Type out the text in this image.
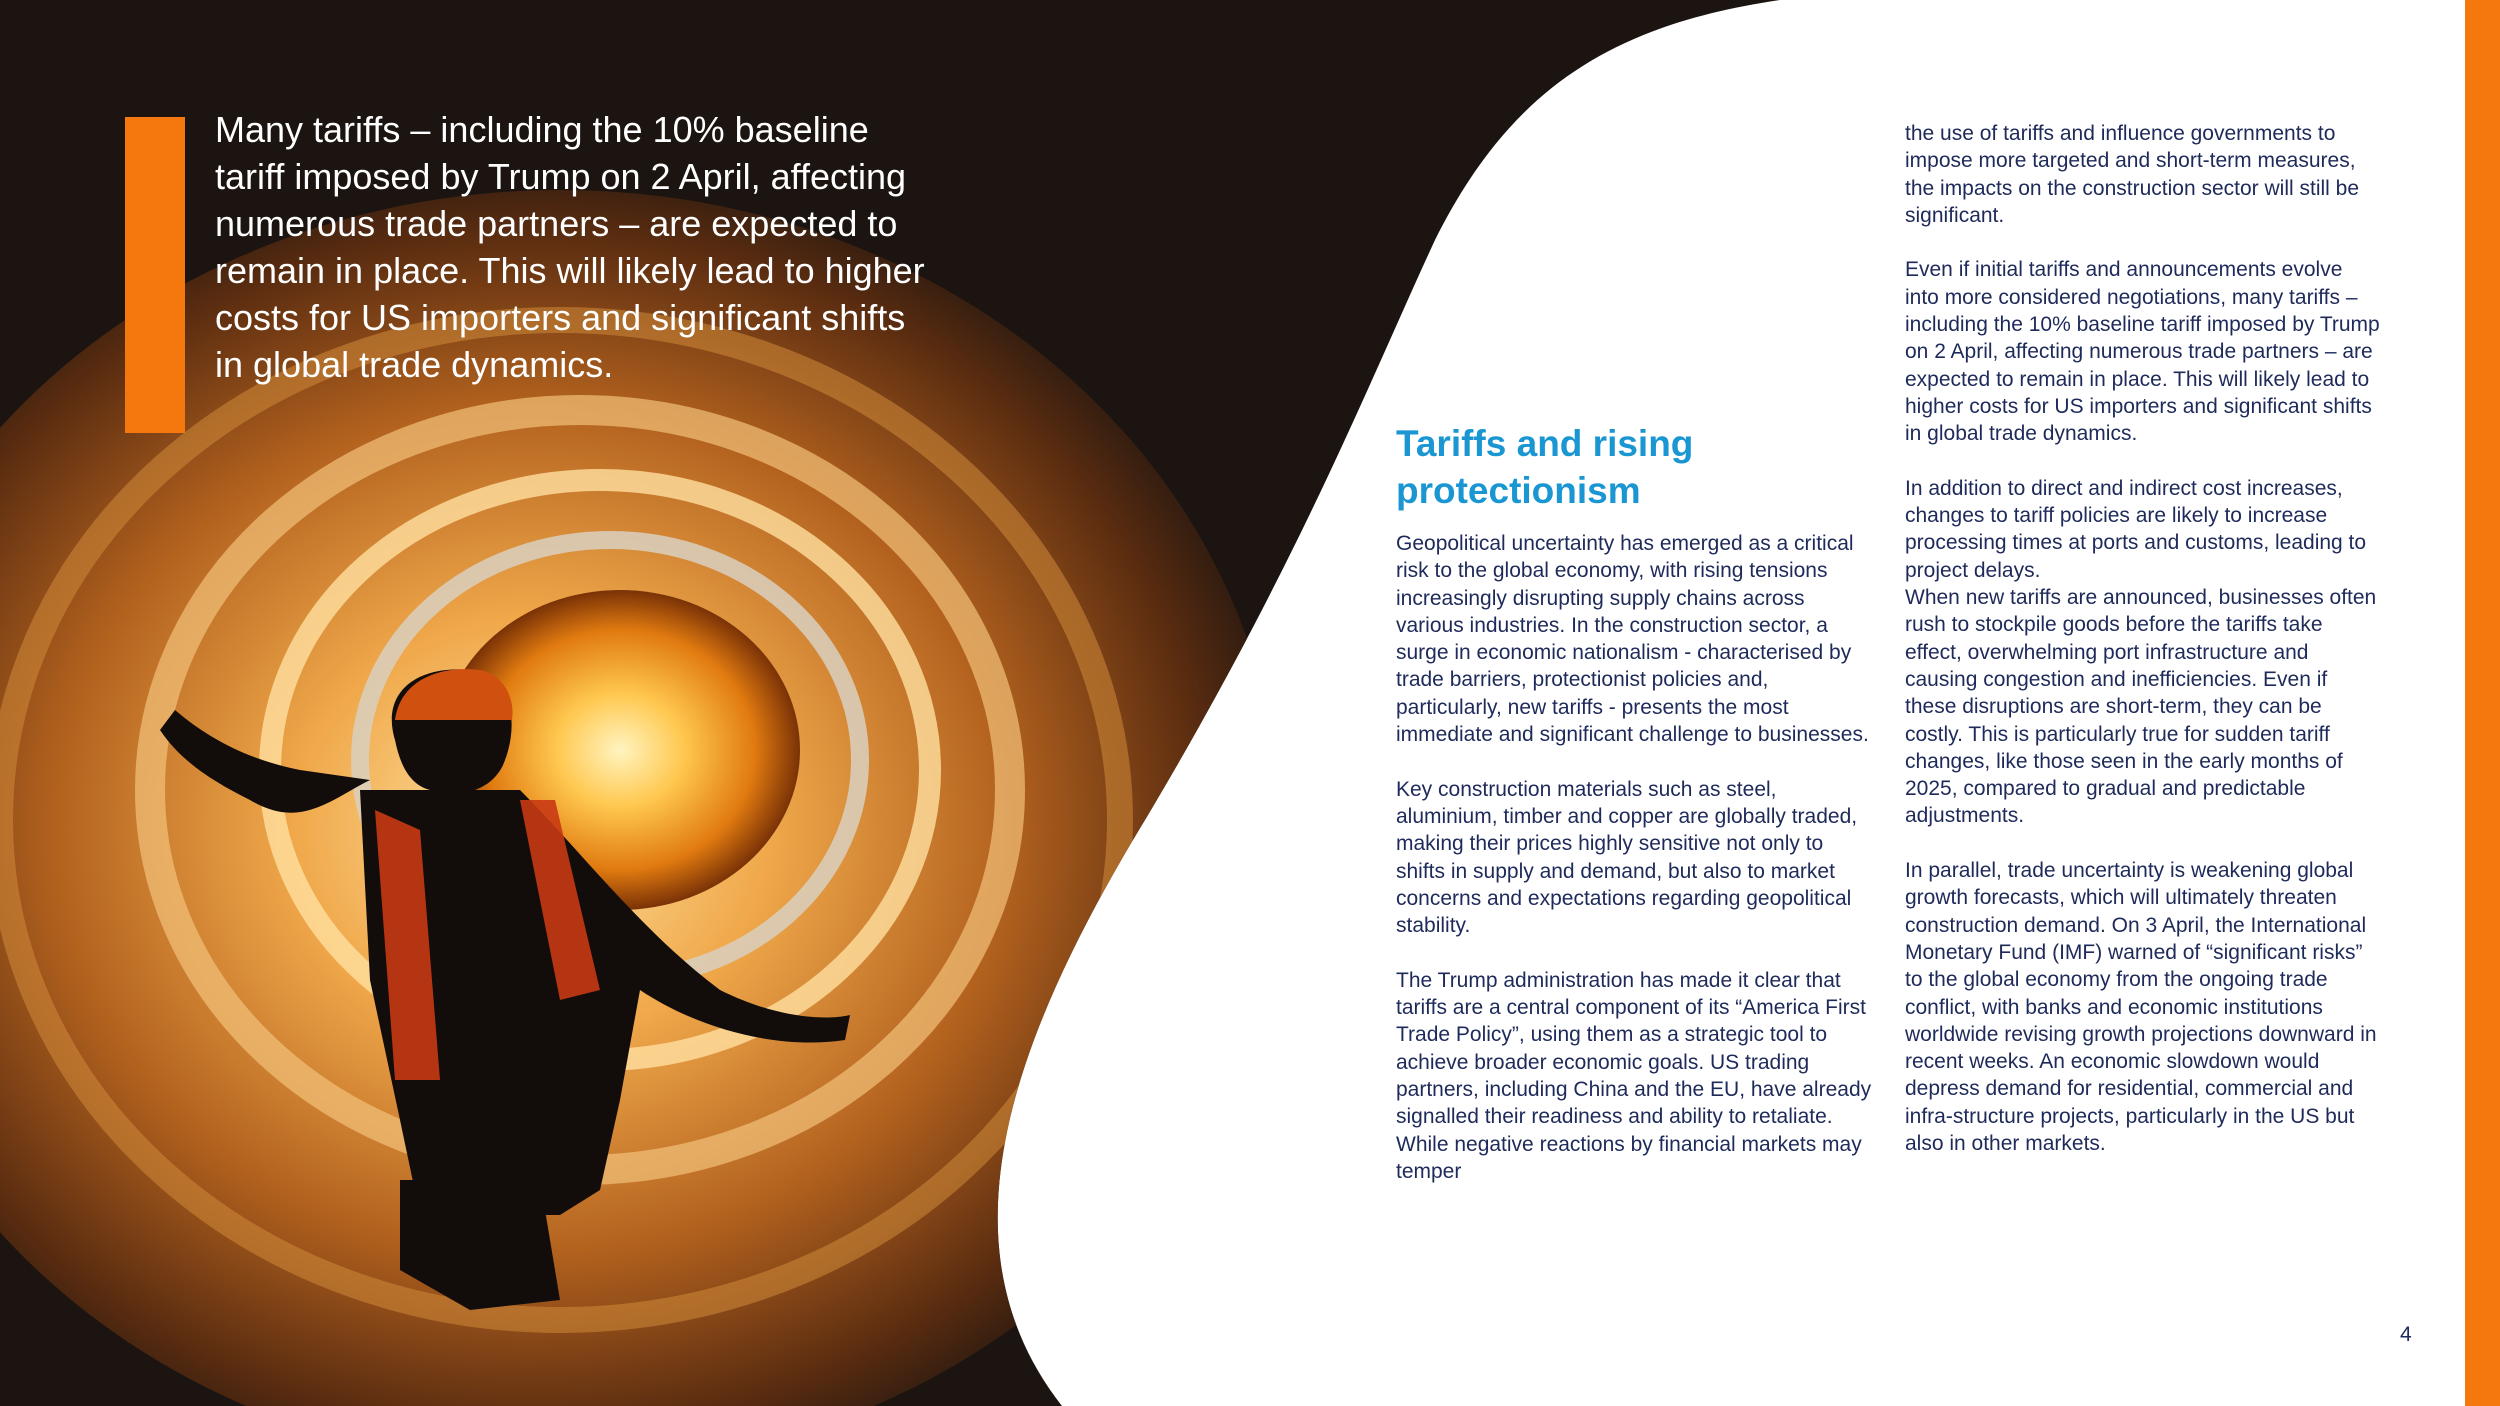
Many tariffs – including the 10% baseline tariff imposed by Trump on 2 April, affecting numerous trade partners – are expected to remain in place. This will likely lead to higher costs for US importers and significant shifts in global trade dynamics.
Tariffs and rising protectionism

Geopolitical uncertainty has emerged as a critical risk to the global economy, with rising tensions increasingly disrupting supply chains across various industries. In the construction sector, a surge in economic nationalism - characterised by trade barriers, protectionist policies and, particularly, new tariffs - presents the most immediate and significant challenge to businesses.

Key construction materials such as steel, aluminium, timber and copper are globally traded, making their prices highly sensitive not only to shifts in supply and demand, but also to market concerns and expectations regarding geopolitical stability.

The Trump administration has made it clear that tariffs are a central component of its “America First Trade Policy”, using them as a strategic tool to achieve broader economic goals. US trading partners, including China and the EU, have already signalled their readiness and ability to retaliate. While negative reactions by financial markets may temper

the use of tariffs and influence governments to impose more targeted and short-term measures, the impacts on the construction sector will still be significant.

Even if initial tariffs and announcements evolve into more considered negotiations, many tariffs – including the 10% baseline tariff imposed by Trump on 2 April, affecting numerous trade partners – are expected to remain in place. This will likely lead to higher costs for US importers and significant shifts in global trade dynamics.

In addition to direct and indirect cost increases, changes to tariff policies are likely to increase processing times at ports and customs, leading to project delays.

When new tariffs are announced, businesses often rush to stockpile goods before the tariffs take effect, overwhelming port infrastructure and causing congestion and inefficiencies. Even if these disruptions are short-term, they can be costly. This is particularly true for sudden tariff changes, like those seen in the early months of 2025, compared to gradual and predictable adjustments.

In parallel, trade uncertainty is weakening global growth forecasts, which will ultimately threaten construction demand. On 3 April, the International Monetary Fund (IMF) warned of “significant risks” to the global economy from the ongoing trade conflict, with banks and economic institutions worldwide revising growth projections downward in recent weeks. An economic slowdown would depress demand for residential, commercial and infra-structure projects, particularly in the US but also in other markets.

4
